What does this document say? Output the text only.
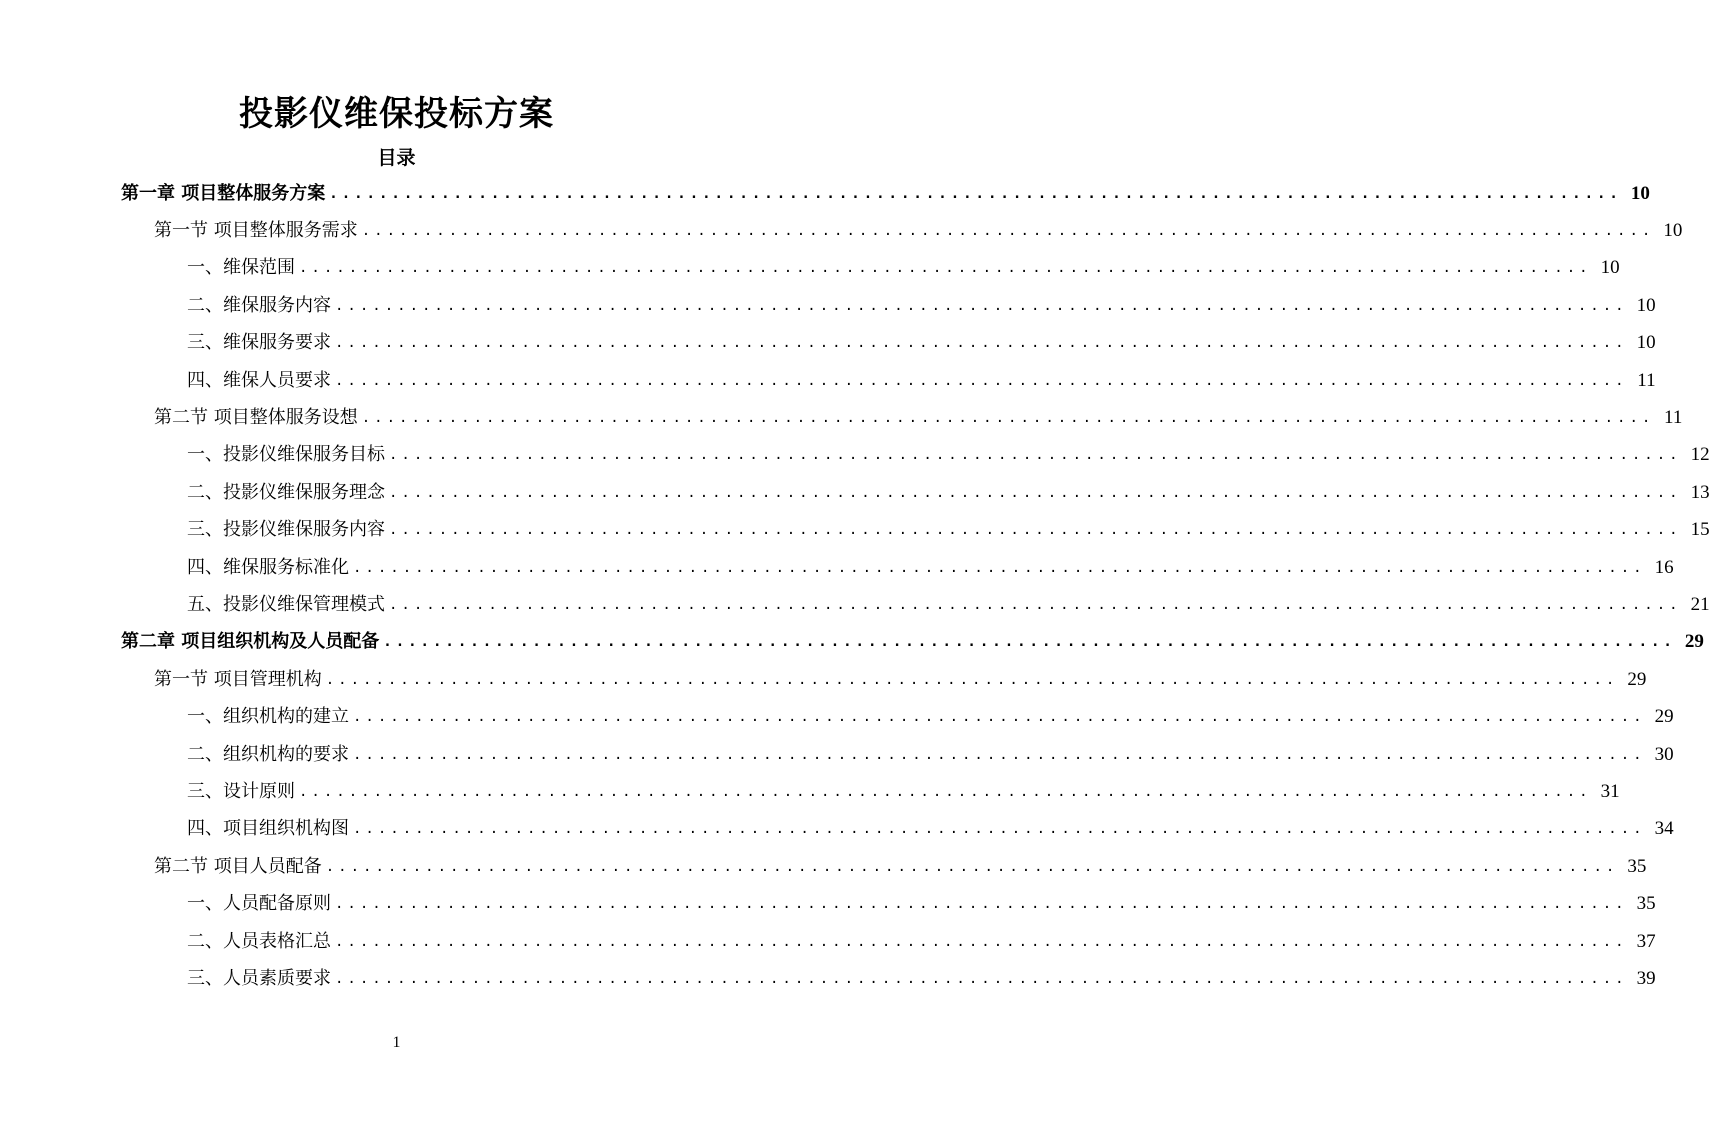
投影仪维保投标方案
目录
第一章 项目整体服务方案 ........................................................................................................ 10
第一节 项目整体服务需求 ........................................................................................................ 10
一、维保范围 ........................................................................................................ 10
二、维保服务内容 ........................................................................................................ 10
三、维保服务要求 ........................................................................................................ 10
四、维保人员要求 ........................................................................................................ 11
第二节 项目整体服务设想 ........................................................................................................ 11
一、投影仪维保服务目标 ........................................................................................................ 12
二、投影仪维保服务理念 ........................................................................................................ 13
三、投影仪维保服务内容 ........................................................................................................ 15
四、维保服务标准化 ........................................................................................................ 16
五、投影仪维保管理模式 ........................................................................................................ 21
第二章 项目组织机构及人员配备 ........................................................................................................ 29
第一节 项目管理机构 ........................................................................................................ 29
一、组织机构的建立 ........................................................................................................ 29
二、组织机构的要求 ........................................................................................................ 30
三、设计原则 ........................................................................................................ 31
四、项目组织机构图 ........................................................................................................ 34
第二节 项目人员配备 ........................................................................................................ 35
一、人员配备原则 ........................................................................................................ 35
二、人员表格汇总 ........................................................................................................ 37
三、人员素质要求 ........................................................................................................ 39
1
